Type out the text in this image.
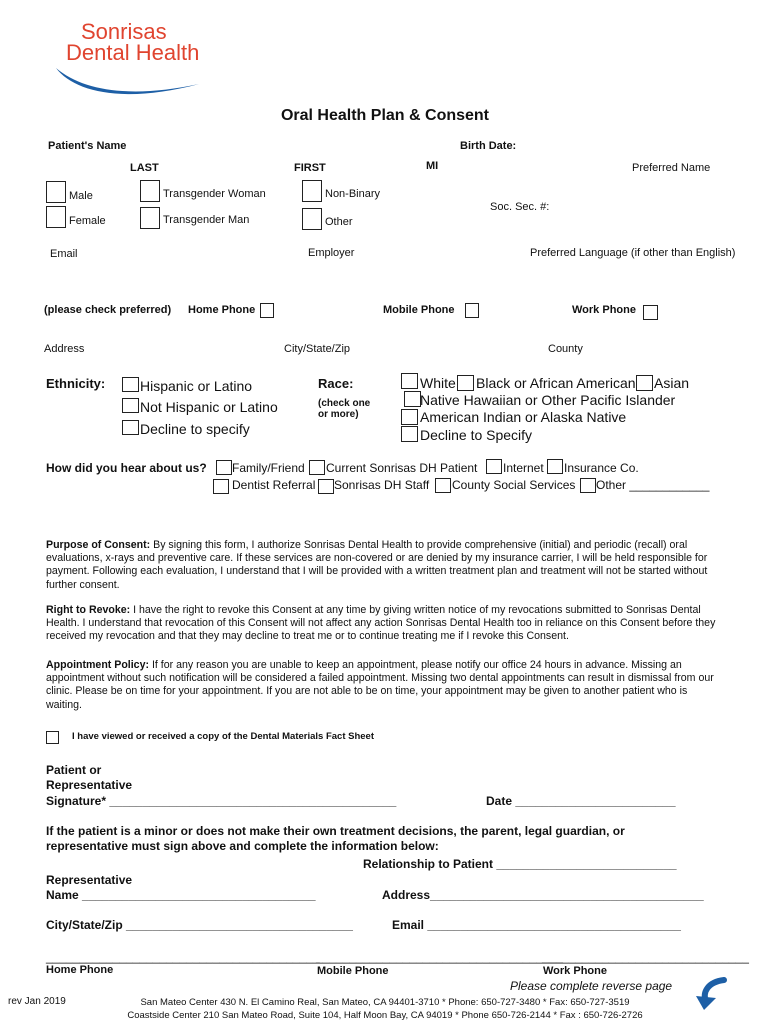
Sonrisas
Dental Health
Oral Health Plan & Consent
Patient's Name	Birth Date:
LAST	FIRST	MI	Preferred Name
Male
Female
Transgender Woman
Transgender Man
Non-Binary
Other
Soc. Sec. #:
Email	Employer	Preferred Language (if other than English)
(please check preferred) Home Phone	Mobile Phone	Work Phone
Address	City/State/Zip	County
Ethnicity: Hispanic or Latino
Not Hispanic or Latino
Decline to specify
Race:
(check one
or more)
White Black or African American Asian
Native Hawaiian or Other Pacific Islander
American Indian or Alaska Native
Decline to Specify
How did you hear about us? Family/Friend Current Sonrisas DH Patient Internet Insurance Co.
Dentist Referral Sonrisas DH Staff County Social Services Other ____________
Purpose of Consent: By signing this form, I authorize Sonrisas Dental Health to provide comprehensive (initial) and periodic (recall) oral evaluations, x-rays and preventive care. If these services are non-covered or are denied by my insurance carrier, I will be held responsible for payment. Following each evaluation, I understand that I will be provided with a written treatment plan and treatment will not be started without further consent.
Right to Revoke: I have the right to revoke this Consent at any time by giving written notice of my revocations submitted to Sonrisas Dental Health. I understand that revocation of this Consent will not affect any action Sonrisas Dental Health too in reliance on this Consent before they received my revocation and that they may decline to treat me or to continue treating me if I revoke this Consent.
Appointment Policy: If for any reason you are unable to keep an appointment, please notify our office 24 hours in advance. Missing an appointment without such notification will be considered a failed appointment. Missing two dental appointments can result in dismissal from our clinic. Please be on time for your appointment. If you are not able to be on time, your appointment may be given to another patient who is waiting.
I have viewed or received a copy of the Dental Materials Fact Sheet
Patient or
Representative
Signature* ___________________________________________	Date ________________________
If the patient is a minor or does not make their own treatment decisions, the parent, legal guardian, or
representative must sign above and complete the information below:
Relationship to Patient ___________________________
Representative
Name ___________________________________	Address_________________________________________
City/State/Zip __________________________________	Email ______________________________________
_________________________________________
_____________________________________
_______________________________
Home Phone	Mobile Phone	Work Phone
Please complete reverse page
rev Jan 2019	San Mateo Center 430 N. El Camino Real, San Mateo, CA 94401-3710 * Phone: 650-727-3480 * Fax: 650-727-3519
Coastside Center 210 San Mateo Road, Suite 104, Half Moon Bay, CA 94019 * Phone 650-726-2144 * Fax : 650-726-2726
